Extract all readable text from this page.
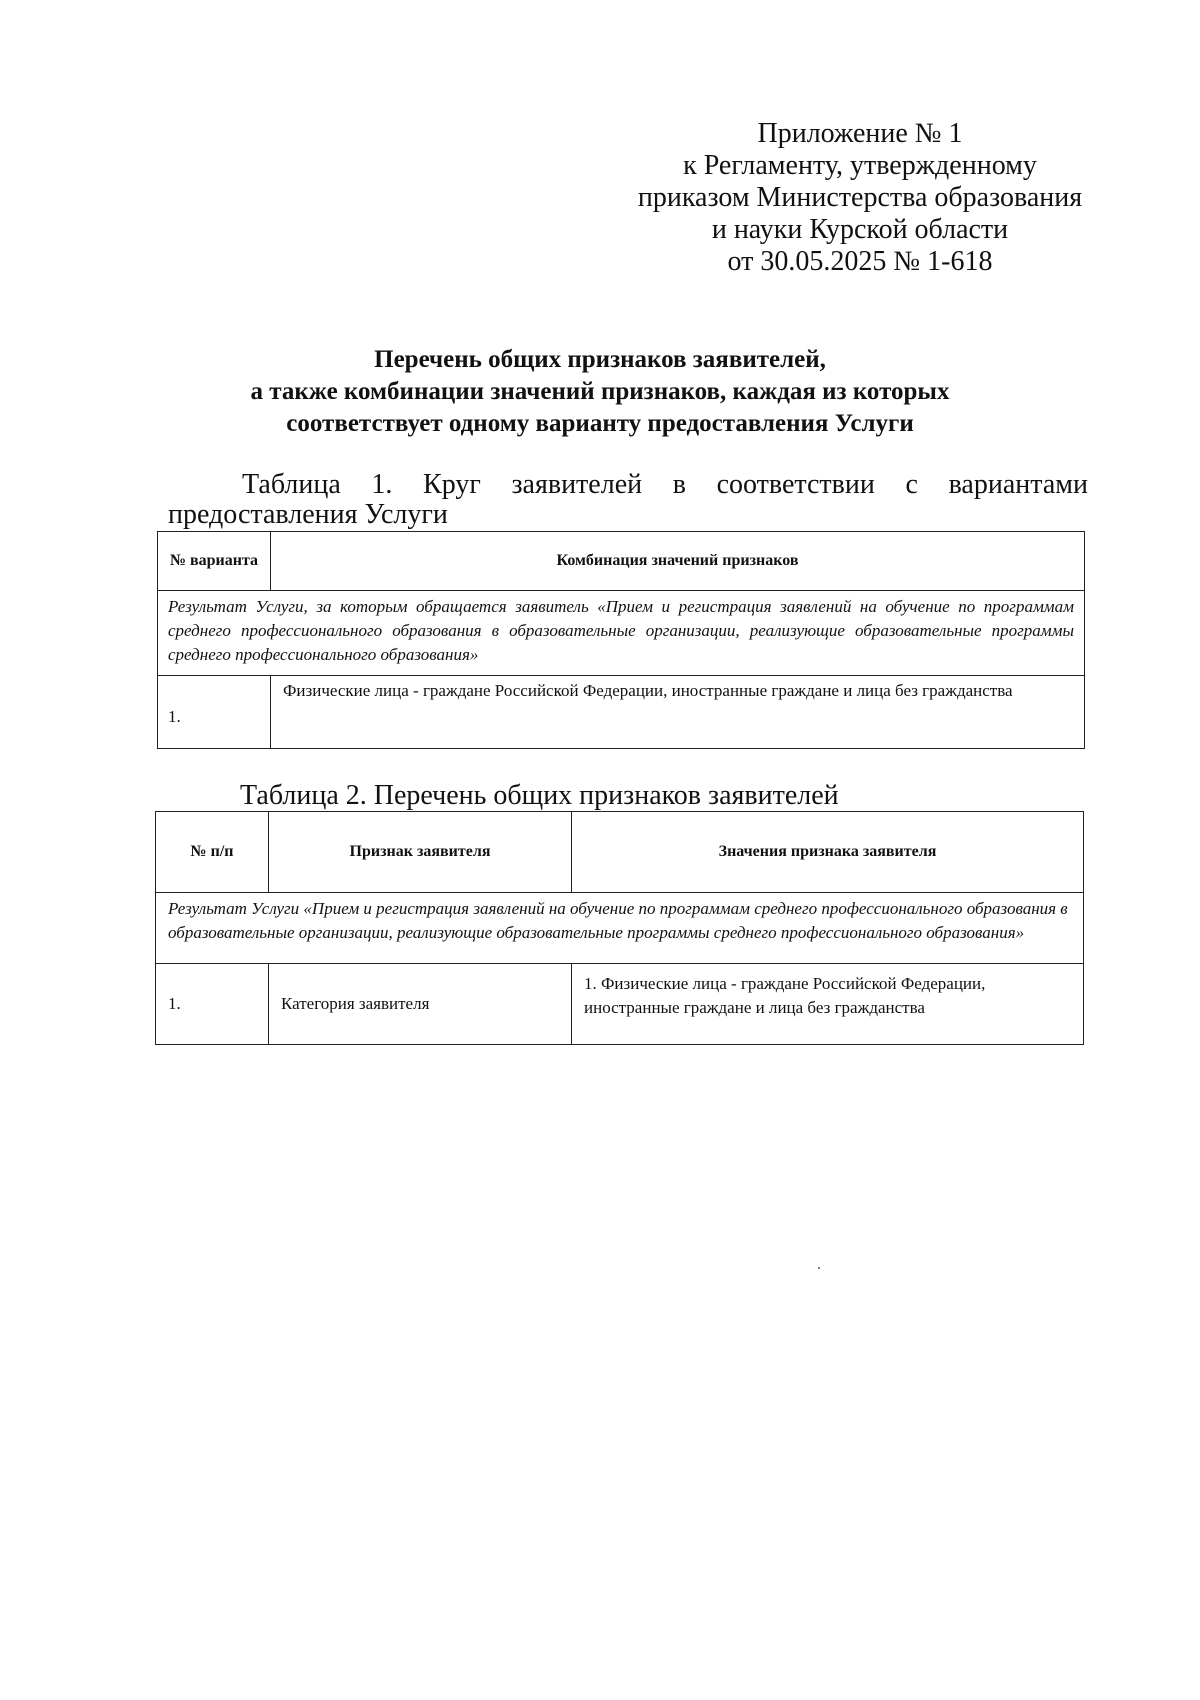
Приложение № 1
к Регламенту, утвержденному
приказом Министерства образования
и науки Курской области
от 30.05.2025 № 1-618
Перечень общих признаков заявителей,
а также комбинации значений признаков, каждая из которых
соответствует одному варианту предоставления Услуги
Таблица 1. Круг заявителей в соответствии с вариантами
предоставления Услуги
№ варианта	Комбинация значений признаков
Результат Услуги, за которым обращается заявитель «Прием и регистрация заявлений на обучение по программам среднего профессионального образования в образовательные организации, реализующие образовательные программы среднего профессионального образования»	
1.	Физические лица - граждане Российской Федерации, иностранные граждане и лица без гражданства
Таблица 2. Перечень общих признаков заявителей
№ п/п	Признак заявителя	Значения признака заявителя
Результат Услуги «Прием и регистрация заявлений на обучение по программам среднего профессионального образования в образовательные организации, реализующие образовательные программы среднего профессионального образования»		
1.	Категория заявителя	1. Физические лица - граждане Российской Федерации, иностранные граждане и лица без гражданства
